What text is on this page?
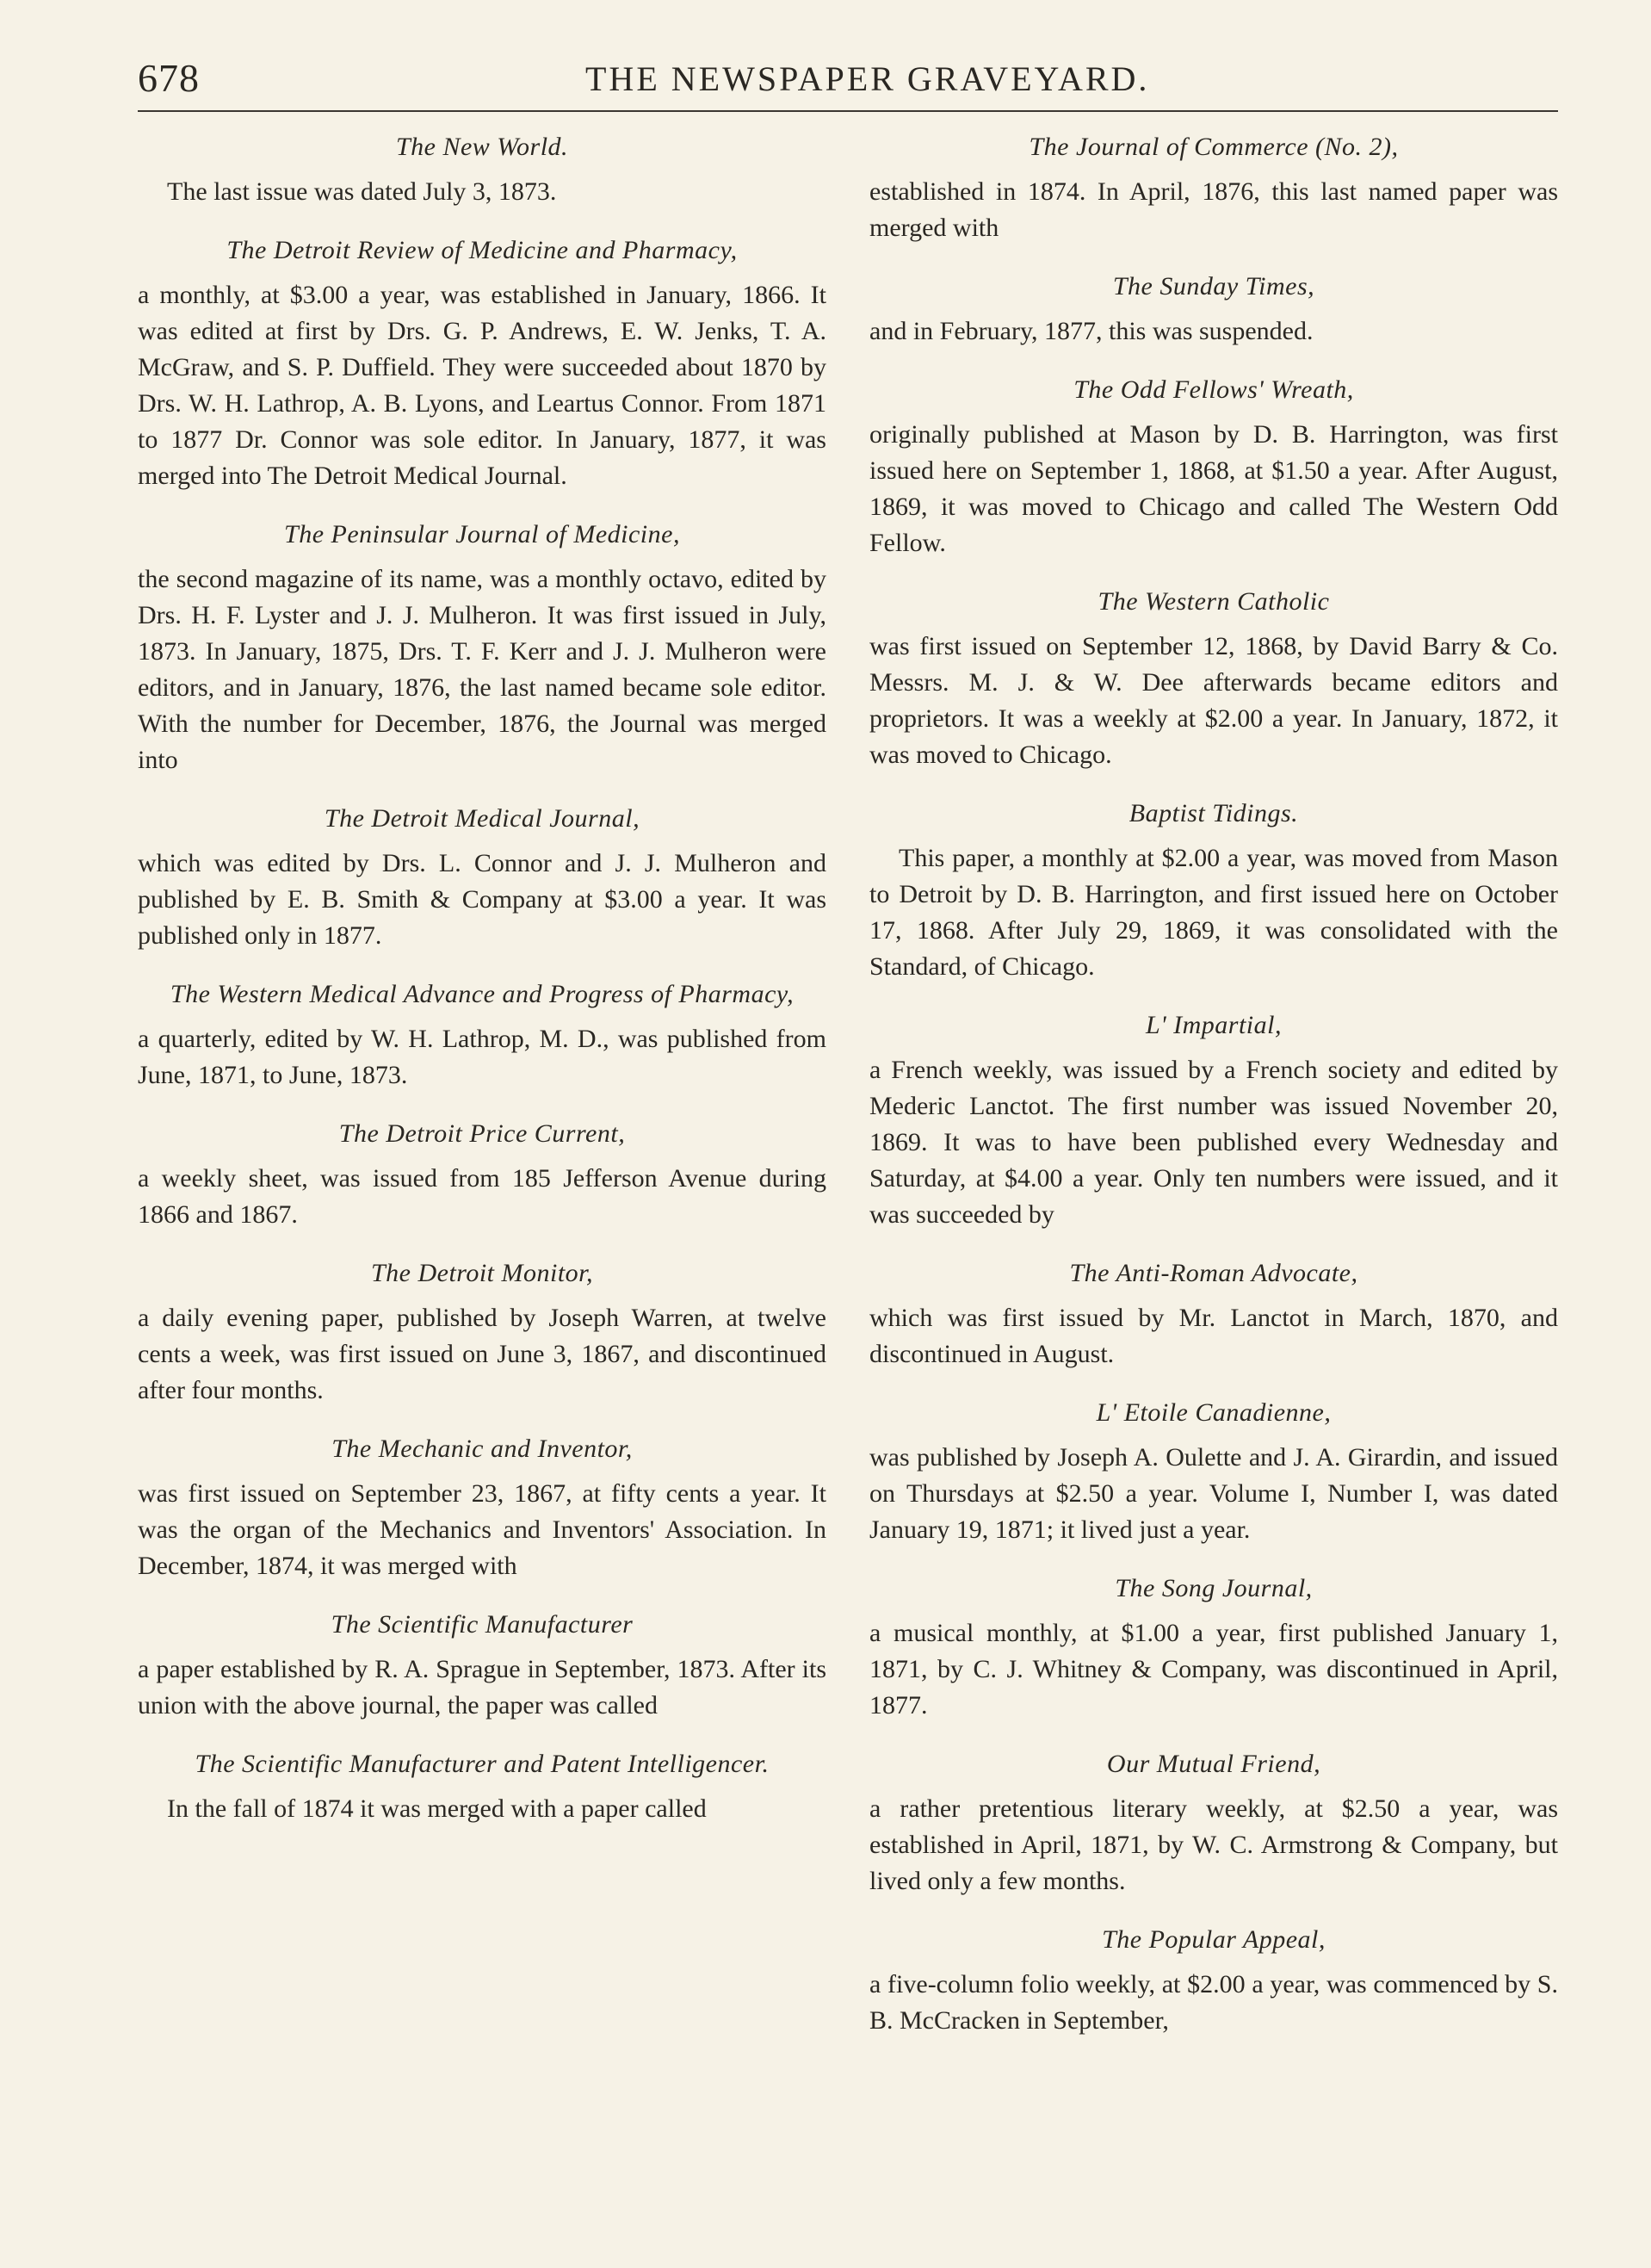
678	THE NEWSPAPER GRAVEYARD.

The New World.

The last issue was dated July 3, 1873.

The Detroit Review of Medicine and Pharmacy,

a monthly, at $3.00 a year, was established in January, 1866. It was edited at first by Drs. G. P. Andrews, E. W. Jenks, T. A. McGraw, and S. P. Duffield. They were succeeded about 1870 by Drs. W. H. Lathrop, A. B. Lyons, and Leartus Connor. From 1871 to 1877 Dr. Connor was sole editor. In January, 1877, it was merged into The Detroit Medical Journal.

The Peninsular Journal of Medicine,

the second magazine of its name, was a monthly octavo, edited by Drs. H. F. Lyster and J. J. Mulheron. It was first issued in July, 1873. In January, 1875, Drs. T. F. Kerr and J. J. Mulheron were editors, and in January, 1876, the last named became sole editor. With the number for December, 1876, the Journal was merged into

The Detroit Medical Journal,

which was edited by Drs. L. Connor and J. J. Mulheron and published by E. B. Smith & Company at $3.00 a year. It was published only in 1877.

The Western Medical Advance and Progress of Pharmacy,

a quarterly, edited by W. H. Lathrop, M. D., was published from June, 1871, to June, 1873.

The Detroit Price Current,

a weekly sheet, was issued from 185 Jefferson Avenue during 1866 and 1867.

The Detroit Monitor,

a daily evening paper, published by Joseph Warren, at twelve cents a week, was first issued on June 3, 1867, and discontinued after four months.

The Mechanic and Inventor,

was first issued on September 23, 1867, at fifty cents a year. It was the organ of the Mechanics and Inventors' Association. In December, 1874, it was merged with

The Scientific Manufacturer

a paper established by R. A. Sprague in September, 1873. After its union with the above journal, the paper was called

The Scientific Manufacturer and Patent Intelligencer.

In the fall of 1874 it was merged with a paper called

The Journal of Commerce (No. 2),

established in 1874. In April, 1876, this last named paper was merged with

The Sunday Times,

and in February, 1877, this was suspended.

The Odd Fellows' Wreath,

originally published at Mason by D. B. Harrington, was first issued here on September 1, 1868, at $1.50 a year. After August, 1869, it was moved to Chicago and called The Western Odd Fellow.

The Western Catholic

was first issued on September 12, 1868, by David Barry & Co. Messrs. M. J. & W. Dee afterwards became editors and proprietors. It was a weekly at $2.00 a year. In January, 1872, it was moved to Chicago.

Baptist Tidings.

This paper, a monthly at $2.00 a year, was moved from Mason to Detroit by D. B. Harrington, and first issued here on October 17, 1868. After July 29, 1869, it was consolidated with the Standard, of Chicago.

L' Impartial,

a French weekly, was issued by a French society and edited by Mederic Lanctot. The first number was issued November 20, 1869. It was to have been published every Wednesday and Saturday, at $4.00 a year. Only ten numbers were issued, and it was succeeded by

The Anti-Roman Advocate,

which was first issued by Mr. Lanctot in March, 1870, and discontinued in August.

L' Etoile Canadienne,

was published by Joseph A. Oulette and J. A. Girardin, and issued on Thursdays at $2.50 a year. Volume I, Number I, was dated January 19, 1871; it lived just a year.

The Song Journal,

a musical monthly, at $1.00 a year, first published January 1, 1871, by C. J. Whitney & Company, was discontinued in April, 1877.

Our Mutual Friend,

a rather pretentious literary weekly, at $2.50 a year, was established in April, 1871, by W. C. Armstrong & Company, but lived only a few months.

The Popular Appeal,

a five-column folio weekly, at $2.00 a year, was commenced by S. B. McCracken in September,
